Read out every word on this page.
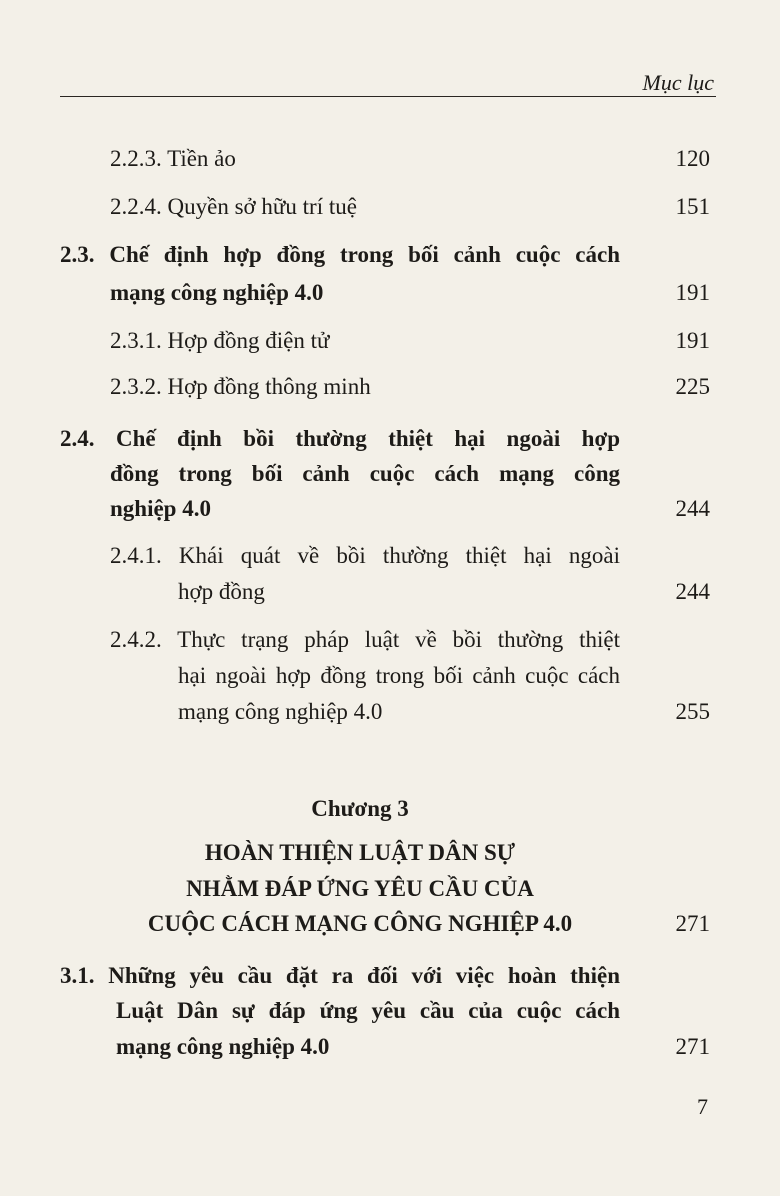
Mục lục
2.2.3. Tiền ảo	120
2.2.4. Quyền sở hữu trí tuệ	151
2.3. Chế định hợp đồng trong bối cảnh cuộc cách
mạng công nghiệp 4.0	191
2.3.1. Hợp đồng điện tử	191
2.3.2. Hợp đồng thông minh	225
2.4. Chế định bồi thường thiệt hại ngoài hợp
đồng trong bối cảnh cuộc cách mạng công
nghiệp 4.0	244
2.4.1. Khái quát về bồi thường thiệt hại ngoài
hợp đồng	244
2.4.2. Thực trạng pháp luật về bồi thường thiệt
hại ngoài hợp đồng trong bối cảnh cuộc cách
mạng công nghiệp 4.0	255
Chương 3
HOÀN THIỆN LUẬT DÂN SỰ
NHẰM ĐÁP ỨNG YÊU CẦU CỦA
CUỘC CÁCH MẠNG CÔNG NGHIỆP 4.0	271
3.1. Những yêu cầu đặt ra đối với việc hoàn thiện
Luật Dân sự đáp ứng yêu cầu của cuộc cách
mạng công nghiệp 4.0	271
7
